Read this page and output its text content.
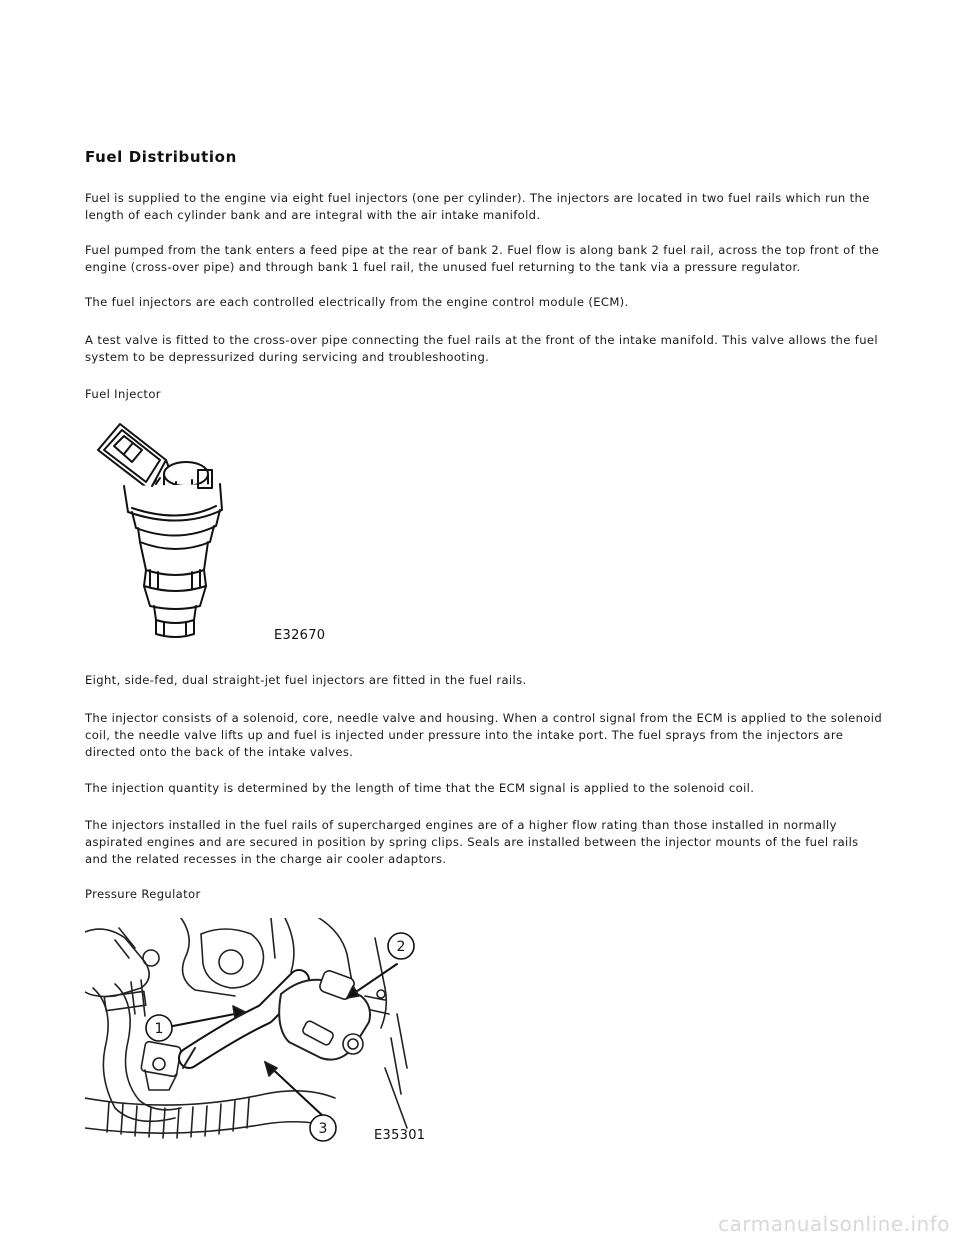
Fuel Distribution

Fuel is supplied to the engine via eight fuel injectors (one per cylinder). The injectors are located in two fuel rails which run the length of each cylinder bank and are integral with the air intake manifold.

Fuel pumped from the tank enters a feed pipe at the rear of bank 2. Fuel flow is along bank 2 fuel rail, across the top front of the engine (cross-over pipe) and through bank 1 fuel rail, the unused fuel returning to the tank via a pressure regulator.

The fuel injectors are each controlled electrically from the engine control module (ECM).

A test valve is fitted to the cross-over pipe connecting the fuel rails at the front of the intake manifold. This valve allows the fuel system to be depressurized during servicing and troubleshooting.

Fuel Injector

E32670

Eight, side-fed, dual straight-jet fuel injectors are fitted in the fuel rails.

The injector consists of a solenoid, core, needle valve and housing. When a control signal from the ECM is applied to the solenoid coil, the needle valve lifts up and fuel is injected under pressure into the intake port. The fuel sprays from the injectors are directed onto the back of the intake valves.

The injection quantity is determined by the length of time that the ECM signal is applied to the solenoid coil.

The injectors installed in the fuel rails of supercharged engines are of a higher flow rating than those installed in normally aspirated engines and are secured in position by spring clips. Seals are installed between the injector mounts of the fuel rails and the related recesses in the charge air cooler adaptors.

Pressure Regulator

1
2
3	E35301
carmanualsonline.info
